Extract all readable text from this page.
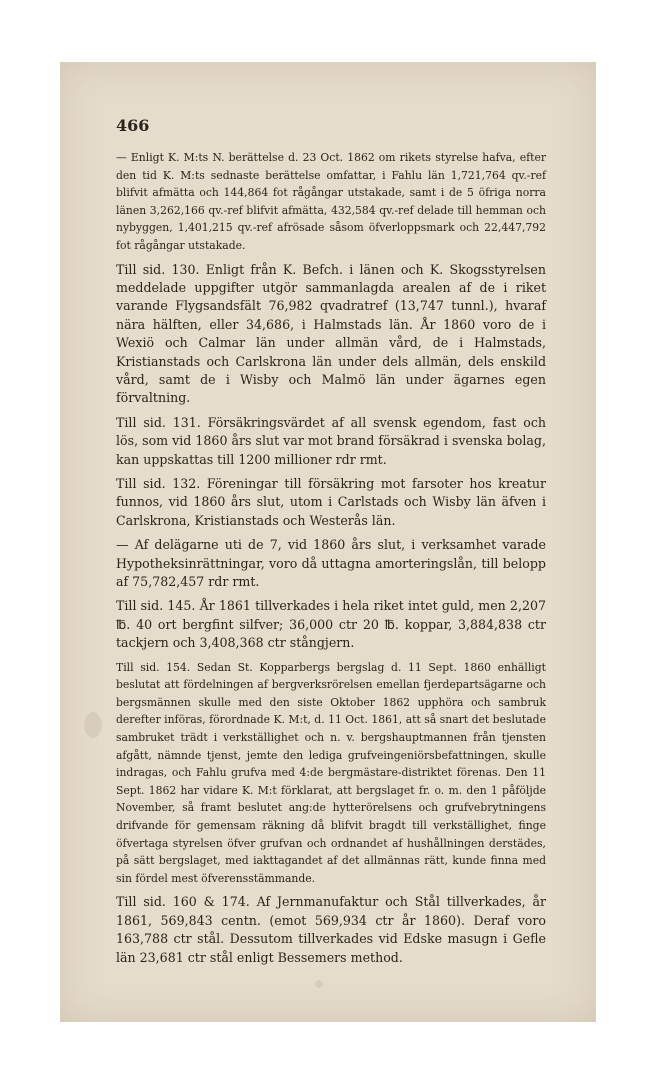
466

— Enligt K. M:ts N. berättelse d. 23 Oct. 1862 om rikets styrelse hafva, efter den tid K. M:ts sednaste berättelse omfattar, i Fahlu län 1,721,764 qv.-ref blifvit afmätta och 144,864 fot rågångar utstakade, samt i de 5 öfriga norra länen 3,262,166 qv.-ref blifvit afmätta, 432,584 qv.-ref delade till hemman och nybyggen, 1,401,215 qv.-ref afrösade såsom öfverloppsmark och 22,447,792 fot rågångar utstakade.

Till sid. 130. Enligt från K. Befch. i länen och K. Skogsstyrelsen meddelade uppgifter utgör sammanlagda arealen af de i riket varande Flygsandsfält 76,982 qvadratref (13,747 tunnl.), hvaraf nära hälften, eller 34,686, i Halmstads län. År 1860 voro de i Wexiö och Calmar län under allmän vård, de i Halmstads, Kristianstads och Carlskrona län under dels allmän, dels enskild vård, samt de i Wisby och Malmö län under ägarnes egen förvaltning.

Till sid. 131. Försäkringsvärdet af all svensk egendom, fast och lös, som vid 1860 års slut var mot brand försäkrad i svenska bolag, kan uppskattas till 1200 millioner rdr rmt.

Till sid. 132. Föreningar till försäkring mot farsoter hos kreatur funnos, vid 1860 års slut, utom i Carlstads och Wisby län äfven i Carlskrona, Kristianstads och Westerås län.

— Af delägarne uti de 7, vid 1860 års slut, i verksamhet varade Hypotheksinrättningar, voro då uttagna amorteringslån, till belopp af 75,782,457 rdr rmt.

Till sid. 145. År 1861 tillverkades i hela riket intet guld, men 2,207 ℔. 40 ort bergfint silfver; 36,000 ctr 20 ℔. koppar, 3,884,838 ctr tackjern och 3,408,368 ctr stångjern.

Till sid. 154. Sedan St. Kopparbergs bergslag d. 11 Sept. 1860 enhälligt beslutat att fördelningen af bergverksrörelsen emellan fjerdepartsägarne och bergsmännen skulle med den siste Oktober 1862 upphöra och sambruk derefter införas, förordnade K. M:t, d. 11 Oct. 1861, att så snart det beslutade sambruket trädt i verkställighet och n. v. bergshauptmannen från tjensten afgått, nämnde tjenst, jemte den lediga grufveingeniörsbefattningen, skulle indragas, och Fahlu grufva med 4:de bergmästare-distriktet förenas. Den 11 Sept. 1862 har vidare K. M:t förklarat, att bergslaget fr. o. m. den 1 påföljde November, så framt beslutet ang:de hytterörelsens och grufvebrytningens drifvande för gemensam räkning då blifvit bragdt till verkställighet, finge öfvertaga styrelsen öfver grufvan och ordnandet af hushållningen derstädes, på sätt bergslaget, med iakttagandet af det allmännas rätt, kunde finna med sin fördel mest öfverensstämmande.

Till sid. 160 & 174. Af Jernmanufaktur och Stål tillverkades, år 1861, 569,843 centn. (emot 569,934 ctr år 1860). Deraf voro 163,788 ctr stål. Dessutom tillverkades vid Edske masugn i Gefle län 23,681 ctr stål enligt Bessemers method.
